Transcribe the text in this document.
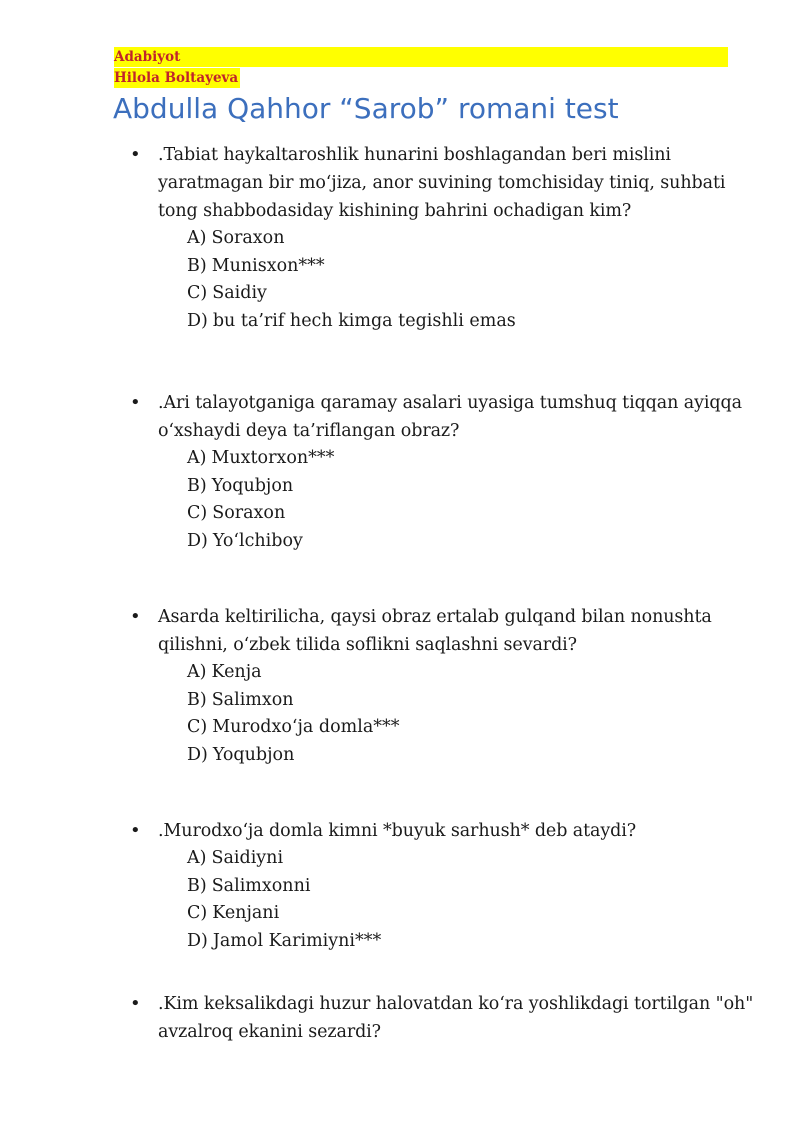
Adabiyot
Hilola Boltayeva
Abdulla Qahhor “Sarob” romani test
• .Tabiat haykaltaroshlik hunarini boshlagandan beri mislini yaratmagan bir mo‘jiza, anor suvining tomchisiday tiniq, suhbati tong shabbodasiday kishining bahrini ochadigan kim?
A) Soraxon
B) Munisxon***
C) Saidiy
D) bu ta’rif hech kimga tegishli emas
• .Ari talayotganiga qaramay asalari uyasiga tumshuq tiqqan ayiqqa o‘xshaydi deya ta’riflangan obraz?
A) Muxtorxon***
B) Yoqubjon
C) Soraxon
D) Yo‘lchiboy
• Asarda keltirilicha, qaysi obraz ertalab gulqand bilan nonushta qilishni, o‘zbek tilida soflikni saqlashni sevardi?
A) Kenja
B) Salimxon
C) Murodxo‘ja domla***
D) Yoqubjon
• .Murodxo‘ja domla kimni *buyuk sarhush* deb ataydi?
A) Saidiyni
B) Salimxonni
C) Kenjani
D) Jamol Karimiyni***
• .Kim keksalikdagi huzur halovatdan ko‘ra yoshlikdagi tortilgan "oh" avzalroq ekanini sezardi?
